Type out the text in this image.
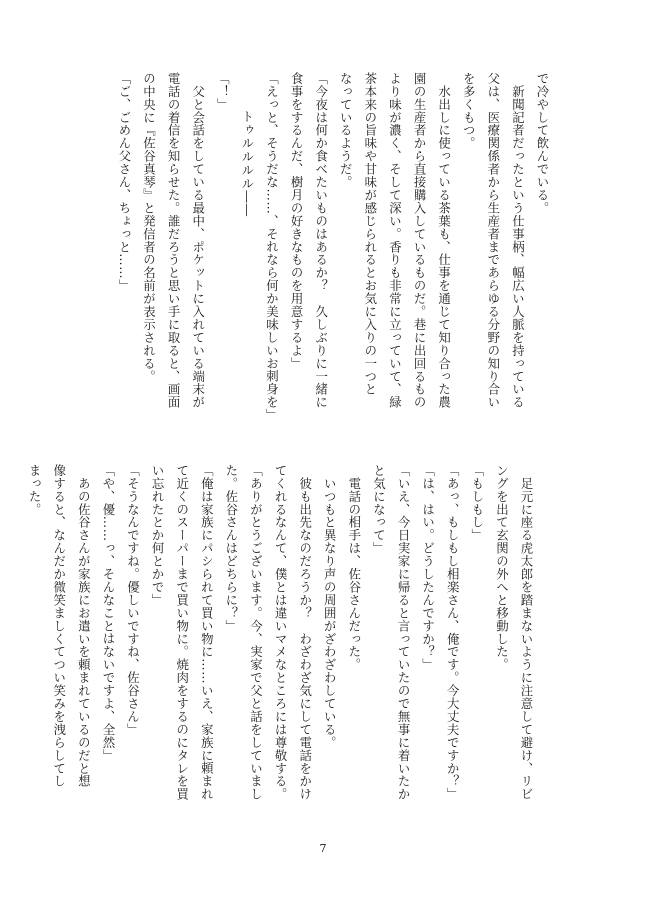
で冷やして飲んでいる。
　新聞記者だったという仕事柄、幅広い人脈を持っている
父は、医療関係者から生産者まであらゆる分野の知り合い
を多くもつ。
　水出しに使っている茶葉も、仕事を通じて知り合った農
園の生産者から直接購入しているものだ。巷に出回るもの
より味が濃く、そして深い。香りも非常に立っていて、緑
茶本来の旨味や甘味が感じられるとお気に入りの一つと
なっているようだ。
「今夜は何か食べたいものはあるか？　久しぶりに一緒に
食事をするんだ、樹月の好きなものを用意するよ」
「えっと、そうだな……、それなら何か美味しいお刺身を」
トゥルルルル――
「！」
　父と会話をしている最中、ポケットに入れている端末が
電話の着信を知らせた。誰だろうと思い手に取ると、画面
の中央に『佐谷真琴』と発信者の名前が表示される。
「ご、ごめん父さん、ちょっと……」
　足元に座る虎太郎を踏まないように注意して避け、リビ
ングを出て玄関の外へと移動した。
「もしもし」
「あっ、もしもし相楽さん、俺です。今大丈夫ですか？」
「は、はい。どうしたんですか？」
「いえ、今日実家に帰ると言っていたので無事に着いたか
と気になって」
　電話の相手は、佐谷さんだった。
　いつもと異なり声の周囲がざわざわしている。
　彼も出先なのだろうか？　わざわざ気にして電話をかけ
てくれるなんて、僕とは違いマメなところには尊敬する。
「ありがとうございます。今、実家で父と話をしていまし
た。佐谷さんはどちらに？」
「俺は家族にパシられて買い物に……いえ、家族に頼まれ
て近くのスーパーまで買い物に。焼肉をするのにタレを買
い忘れたとか何とかで」
「そうなんですね。優しいですね、佐谷さん」
「や、優……っ、そんなことはないですよ、全然」
　あの佐谷さんが家族にお遣いを頼まれているのだと想
像すると、なんだか微笑ましくてつい笑みを洩らしてし
まった。
7
